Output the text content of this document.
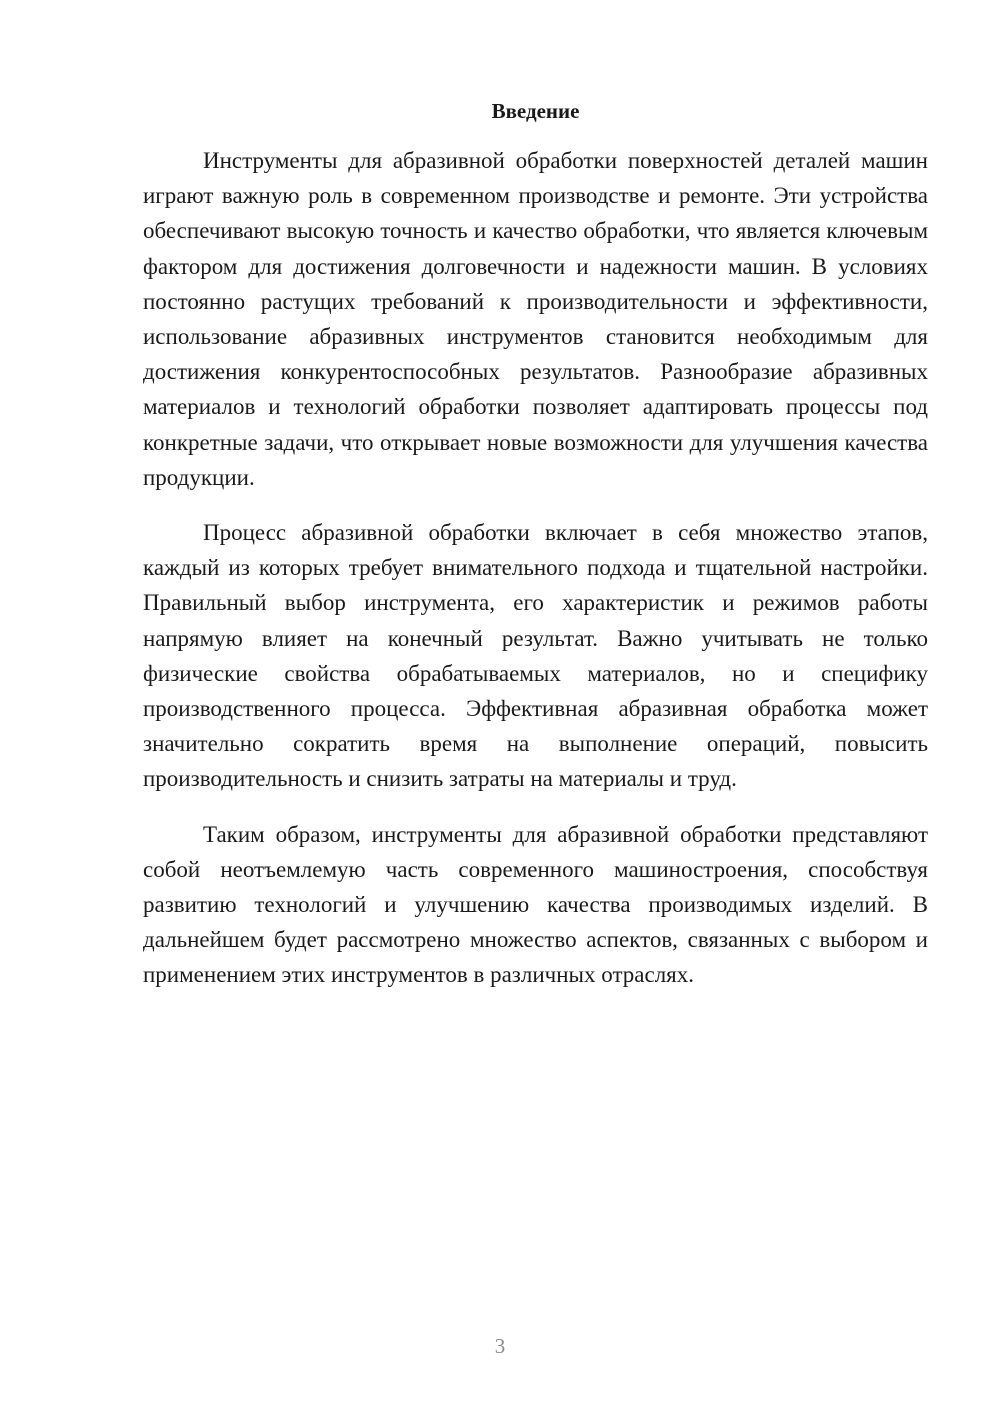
Введение

Инструменты для абразивной обработки поверхностей деталей машин играют важную роль в современном производстве и ремонте. Эти устройства обеспечивают высокую точность и качество обработки, что является ключевым фактором для достижения долговечности и надежности машин. В условиях постоянно растущих требований к производительности и эффективности, использование абразивных инструментов становится необходимым для достижения конкурентоспособных результатов. Разнообразие абразивных материалов и технологий обработки позволяет адаптировать процессы под конкретные задачи, что открывает новые возможности для улучшения качества продукции.

Процесс абразивной обработки включает в себя множество этапов, каждый из которых требует внимательного подхода и тщательной настройки. Правильный выбор инструмента, его характеристик и режимов работы напрямую влияет на конечный результат. Важно учитывать не только физические свойства обрабатываемых материалов, но и специфику производственного процесса. Эффективная абразивная обработка может значительно сократить время на выполнение операций, повысить производительность и снизить затраты на материалы и труд.

Таким образом, инструменты для абразивной обработки представляют собой неотъемлемую часть современного машиностроения, способствуя развитию технологий и улучшению качества производимых изделий. В дальнейшем будет рассмотрено множество аспектов, связанных с выбором и применением этих инструментов в различных отраслях.

3
